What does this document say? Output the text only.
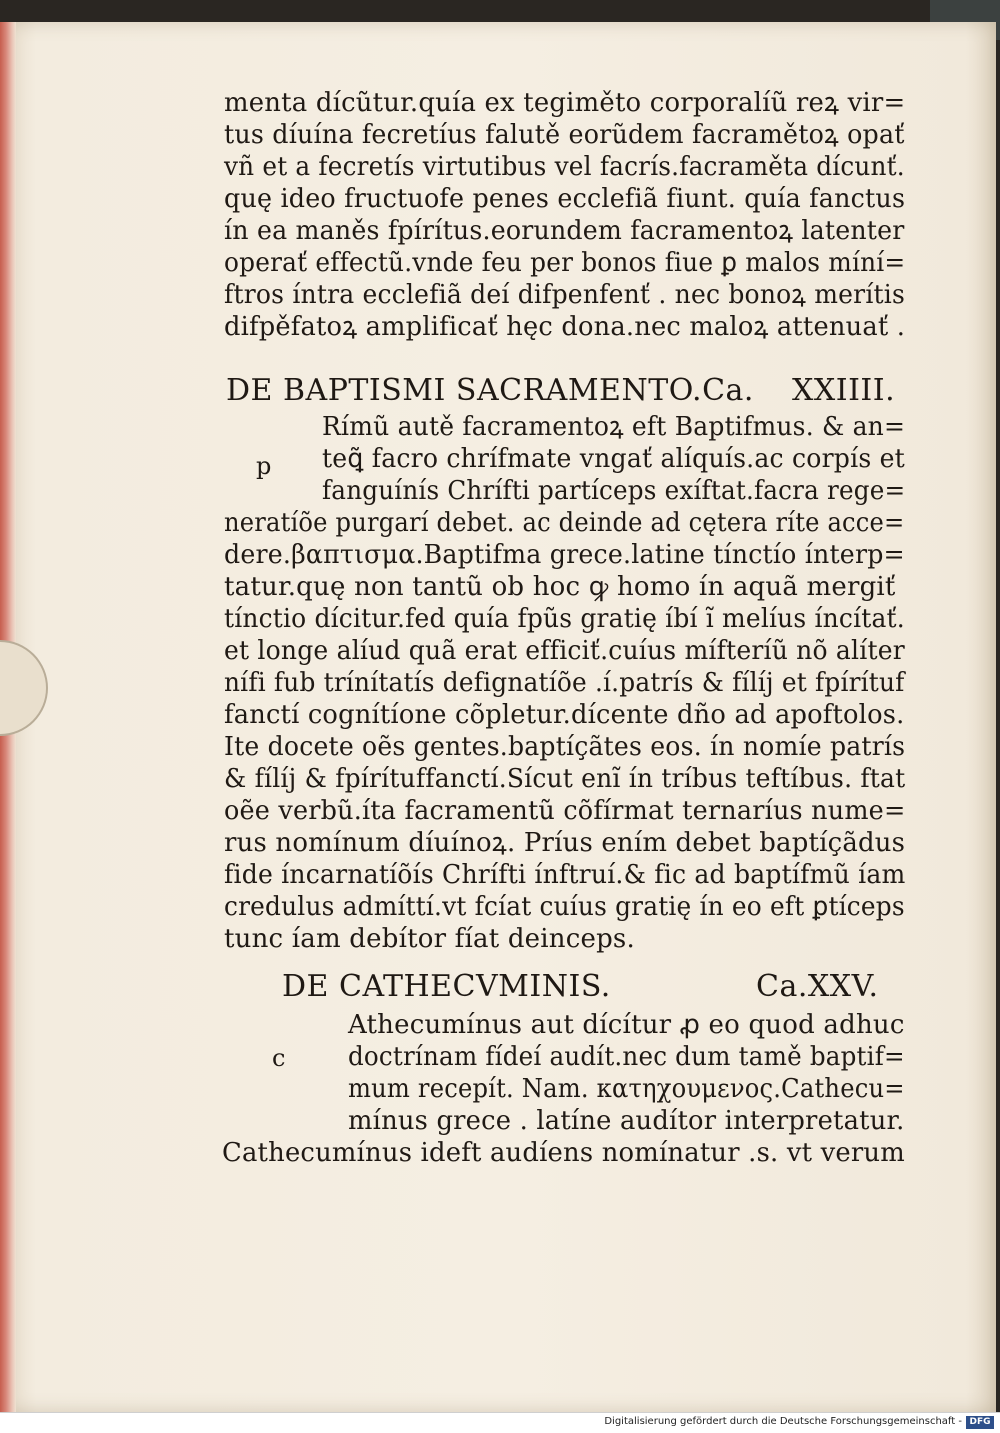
menta dícũtur.quía ex tegiměto corporalíũ reꝝ vir=
tus díuína fecretíus falutě eorũdem facramětoꝝ opať
vñ et a fecretís virtutibus vel facrís.facraměta dícunť.
quę ideo fructuofe penes ecclefiã fiunt. quía fanctus
ín ea maněs fpírítus.eorundem facramentoꝝ latenter
operať effectũ.vnde feu per bonos fiue ꝑ malos míní=
ftros íntra ecclefiã deí difpenfenť . nec bonoꝝ merítis
difpěfatoꝝ amplificať hęc dona.nec maloꝝ attenuať .
DE BAPTISMI SACRAMENTO.Ca. XXIIII.
p
Rímũ autě facramentoꝝ eft Baptifmus. & an=
teꝗ̃ facro chrífmate vngať alíquís.ac corpís et
fanguínís Chrífti partíceps exíftat.facra rege=
neratíõe purgarí debet. ac deinde ad cętera ríte acce=
dere.βαπτισμα.Baptifma grece.latine tínctío ínterp=
tatur.quę non tantũ ob hoc ꝙ homo ín aquã mergiť
tínctio dícitur.fed quía fpũs gratię íbí ĩ melíus íncítať.
et longe alíud quã erat efficiť.cuíus mífteríũ nõ alíter
nífi fub trínítatís defignatíõe .í.patrís & fílíj et fpírítuf
fanctí cognítíone cõpletur.dícente dño ad apoftolos.
Ite docete oẽs gentes.baptíçãtes eos. ín nomíe patrís
& fílíj & fpírítuffanctí.Sícut enĩ ín tríbus teftíbus. ftat
oẽe verbũ.íta facramentũ cõfírmat ternaríus nume=
rus nomínum díuínoꝝ. Príus ením debet baptíçãdus
fide íncarnatíõís Chrífti ínftruí.& fic ad baptífmũ íam
credulus admíttí.vt fcíat cuíus gratię ín eo eft ꝑtíceps
tunc íam debítor fíat deinceps.
DE CATHECVMINIS.	Ca.XXV.
c
Athecumínus aut dícítur ꝓ eo quod adhuc
doctrínam fídeí audít.nec dum tamě baptif=
mum recepít. Nam. κατηχουμενος.Cathecu=
mínus grece . latíne audítor interpretatur.
Cathecumínus ideft audíens nomínatur .s. vt verum
Digitalisierung gefördert durch die Deutsche Forschungsgemeinschaft - DFG
